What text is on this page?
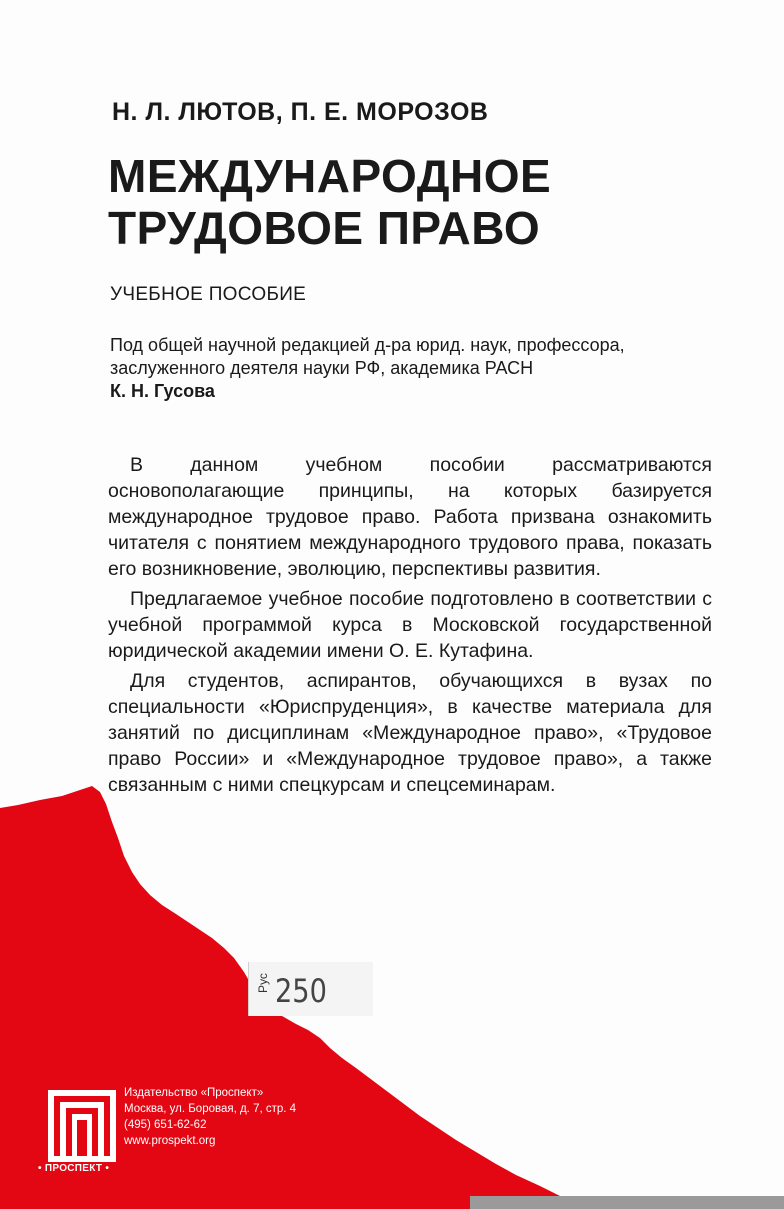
Н. Л. ЛЮТОВ, П. Е. МОРОЗОВ
МЕЖДУНАРОДНОЕ
ТРУДОВОЕ ПРАВО
УЧЕБНОЕ ПОСОБИЕ
Под общей научной редакцией д-ра юрид. наук, профессора,
заслуженного деятеля науки РФ, академика РАСН
К. Н. Гусова

В данном учебном пособии рассматриваются основополагающие принципы, на которых базируется международное трудовое право. Работа призвана ознакомить читателя с понятием международного трудового права, показать его возникновение, эволюцию, перспективы развития.

Предлагаемое учебное пособие подготовлено в соответствии с учебной программой курса в Московской государственной юридической академии имени О. Е. Кутафина.

Для студентов, аспирантов, обучающихся в вузах по специальности «Юриспруденция», в качестве материала для занятий по дисциплинам «Международное право», «Трудовое право России» и «Международное трудовое право», а также связанным с ними спецкурсам и спецсеминарам.

Рус 250
• ПРОСПЕКТ •
Издательство «Проспект»
Москва, ул. Боровая, д. 7, стр. 4
(495) 651-62-62
www.prospekt.org
